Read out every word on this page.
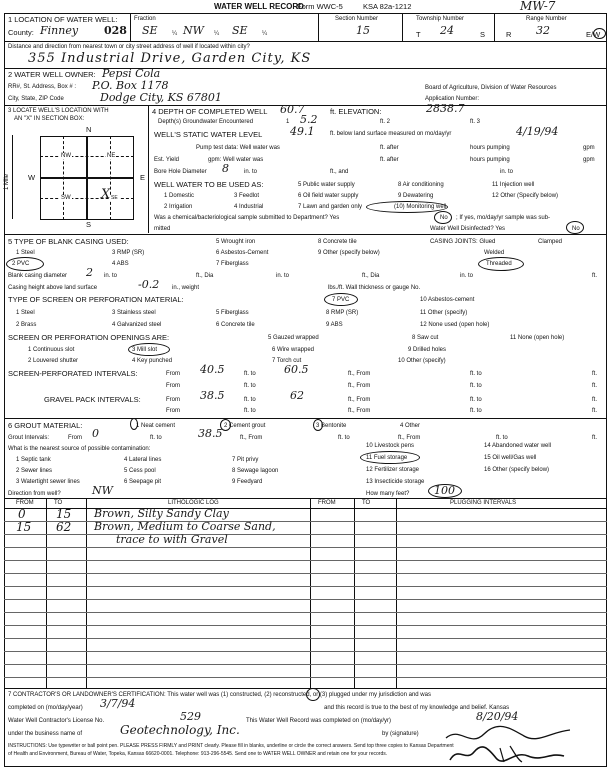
WATER WELL RECORD
Form WWC-5	KSA 82a-1212	MW-7
1 LOCATION OF WATER WELL:
County: Finney 028
Fraction
SE ¼ NW ¼ SE ¼
Section Number
15
Township Number
T 24	S
Range Number
R 32	E/W
Distance and direction from nearest town or city street address of well if located within city?
355 Industrial Drive, Garden City, KS
2 WATER WELL OWNER: Pepsi Cola
RR#, St. Address, Box # : P.O. Box 1178
City, State, ZIP Code	Dodge City, KS 67801
Board of Agriculture, Division of Water Resources
Application Number:
3 LOCATE WELL'S LOCATION WITH
AN "X" IN SECTION BOX:
N
S
W	E
1 Mile
NW	NE
SW	SE
X
4 DEPTH OF COMPLETED WELL 60.7	ft. ELEVATION:	2838.7
Depth(s) Groundwater Encountered	1 5.2	ft. 2	ft. 3
WELL'S STATIC WATER LEVEL	49.1	ft. below land surface measured on mo/day/yr	4/19/94
Pump test data: Well water was	ft. after	hours pumping	gpm
Est. Yield	gpm: Well water was	ft. after	hours pumping	gpm
Bore Hole Diameter 8	in. to	ft., and	in. to
WELL WATER TO BE USED AS:	5 Public water supply	8 Air conditioning	11 Injection well
1 Domestic	3 Feedlot	6 Oil field water supply	9 Dewatering	12 Other (Specify below)
2 Irrigation	4 Industrial	7 Lawn and garden only	(10) Monitoring well
Was a chemical/bacteriological sample submitted to Department? Yes	No ; If yes, mo/day/yr sample was sub-
mitted	Water Well Disinfected? Yes	No
5 TYPE OF BLANK CASING USED:	5 Wrought iron	8 Concrete tile	CASING JOINTS: Glued	Clamped
1 Steel	3 RMP (SR)	6 Asbestos-Cement	9 Other (specify below)	Welded
2 PVC	4 ABS	7 Fiberglass	Threaded
Blank casing diameter 2 in. to	ft., Dia	in. to	ft., Dia	in. to	ft.
Casing height above land surface	-0.2 in., weight	lbs./ft. Wall thickness or gauge No.
TYPE OF SCREEN OR PERFORATION MATERIAL:	7 PVC	10 Asbestos-cement
1 Steel	3 Stainless steel	5 Fiberglass	8 RMP (SR)	11 Other (specify)
2 Brass	4 Galvanized steel	6 Concrete tile	9 ABS	12 None used (open hole)
SCREEN OR PERFORATION OPENINGS ARE:	5 Gauzed wrapped	8 Saw cut	11 None (open hole)
1 Continuous slot	3 Mill slot	6 Wire wrapped	9 Drilled holes
2 Louvered shutter	4 Key punched	7 Torch cut	10 Other (specify)
SCREEN-PERFORATED INTERVALS:	From 40.5	ft. to	60.5	ft., From	ft. to	ft.
From	ft. to	ft., From	ft. to	ft.
GRAVEL PACK INTERVALS:	From 38.5	ft. to	62	ft., From	ft. to	ft.
From	ft. to	ft., From	ft. to	ft.
6 GROUT MATERIAL:	1 Neat cement	2 Cement grout	3 Bentonite	4 Other
Grout Intervals:	From 0	ft. to	38.5	ft., From	ft. to	ft., From	ft. to	ft.
What is the nearest source of possible contamination:	10 Livestock pens	14 Abandoned water well
1 Septic tank	4 Lateral lines	7 Pit privy	11 Fuel storage	15 Oil well/Gas well
2 Sewer lines	5 Cess pool	8 Sewage lagoon	12 Fertilizer storage	16 Other (specify below)
3 Watertight sewer lines	6 Seepage pit	9 Feedyard	13 Insecticide storage
Direction from well?	NW	How many feet? 100
FROM	TO	LITHOLOGIC LOG	FROM	TO	PLUGGING INTERVALS
0	15 Brown, Silty Sandy Clay
15 62 Brown, Medium to Coarse Sand,
trace to with Gravel
7 CONTRACTOR'S OR LANDOWNER'S CERTIFICATION: This water well was (1) constructed, (2) reconstructed, or (3) plugged under my jurisdiction and was
completed on (mo/day/year) 3/7/94	and this record is true to the best of my knowledge and belief. Kansas
Water Well Contractor's License No.	529	This Water Well Record was completed on (mo/day/yr)	8/20/94
under the business name of	Geotechnology, Inc.	by (signature)
INSTRUCTIONS: Use typewriter or ball point pen. PLEASE PRESS FIRMLY and PRINT clearly. Please fill in blanks, underline or circle the correct answers. Send top three copies to Kansas Department
of Health and Environment, Bureau of Water, Topeka, Kansas 66620-0001. Telephone: 913-296-5545. Send one to WATER WELL OWNER and retain one for your records.
